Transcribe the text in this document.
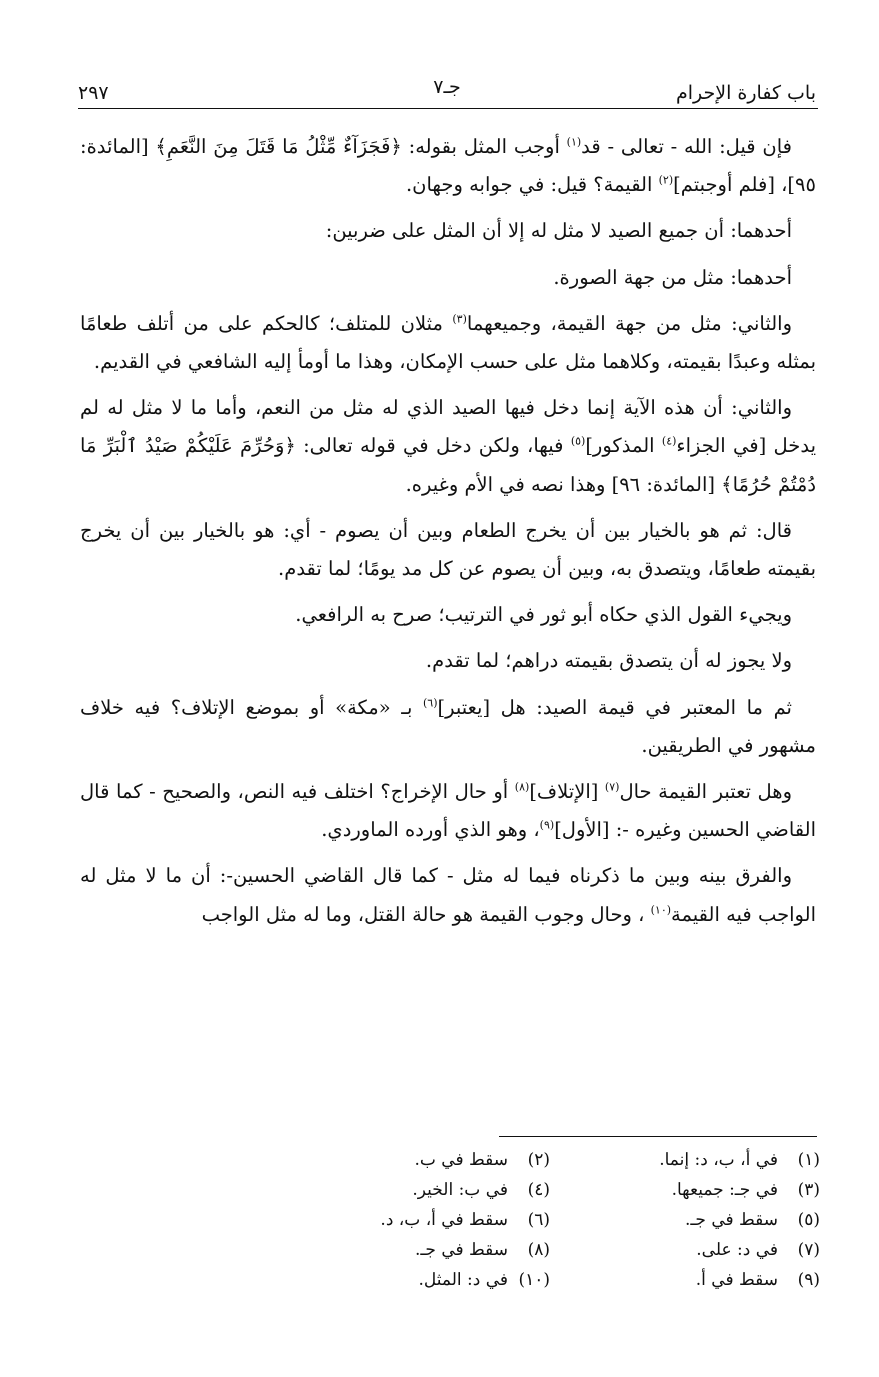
باب كفارة الإحرام
جـ٧
٢٩٧

فإن قيل: الله - تعالى - قد$^{(١)}$ أوجب المثل بقوله: ﴿فَجَزَآءٌ مِّثْلُ مَا قَتَلَ مِنَ النَّعَمِ﴾ [المائدة: ٩٥]، [فلم أوجبتم]$^{(٢)}$ القيمة؟ قيل: في جوابه وجهان.

أحدهما: أن جميع الصيد لا مثل له إلا أن المثل على ضربين:

أحدهما: مثل من جهة الصورة.

والثاني: مثل من جهة القيمة، وجميعهما$^{(٣)}$ مثلان للمتلف؛ كالحكم على من أتلف طعامًا بمثله وعبدًا بقيمته، وكلاهما مثل على حسب الإمكان، وهذا ما أومأ إليه الشافعي في القديم.

والثاني: أن هذه الآية إنما دخل فيها الصيد الذي له مثل من النعم، وأما ما لا مثل له لم يدخل [في الجزاء$^{(٤)}$ المذكور]$^{(٥)}$ فيها، ولكن دخل في قوله تعالى: ﴿وَحُرِّمَ عَلَيْكُمْ صَيْدُ ٱلْبَرِّ مَا دُمْتُمْ حُرُمًا﴾ [المائدة: ٩٦] وهذا نصه في الأم وغيره.

قال: ثم هو بالخيار بين أن يخرج الطعام وبين أن يصوم - أي: هو بالخيار بين أن يخرج بقيمته طعامًا، ويتصدق به، وبين أن يصوم عن كل مد يومًا؛ لما تقدم.

ويجيء القول الذي حكاه أبو ثور في الترتيب؛ صرح به الرافعي.

ولا يجوز له أن يتصدق بقيمته دراهم؛ لما تقدم.

ثم ما المعتبر في قيمة الصيد: هل [يعتبر]$^{(٦)}$ بـ «مكة» أو بموضع الإتلاف؟ فيه خلاف مشهور في الطريقين.

وهل تعتبر القيمة حال$^{(٧)}$ [الإتلاف]$^{(٨)}$ أو حال الإخراج؟ اختلف فيه النص، والصحيح - كما قال القاضي الحسين وغيره -: [الأول]$^{(٩)}$، وهو الذي أورده الماوردي.

والفرق بينه وبين ما ذكرناه فيما له مثل - كما قال القاضي الحسين-: أن ما لا مثل له الواجب فيه القيمة$^{(١٠)}$ ، وحال وجوب القيمة هو حالة القتل، وما له مثل الواجب

(١)في أ، ب، د: إنما.
(٢)سقط في ب.
(٣)في جـ: جميعها.
(٤)في ب: الخير.
(٥)سقط في جـ.
(٦)سقط في أ، ب، د.
(٧)في د: على.
(٨)سقط في جـ.
(٩)سقط في أ.
(١٠)في د: المثل.
